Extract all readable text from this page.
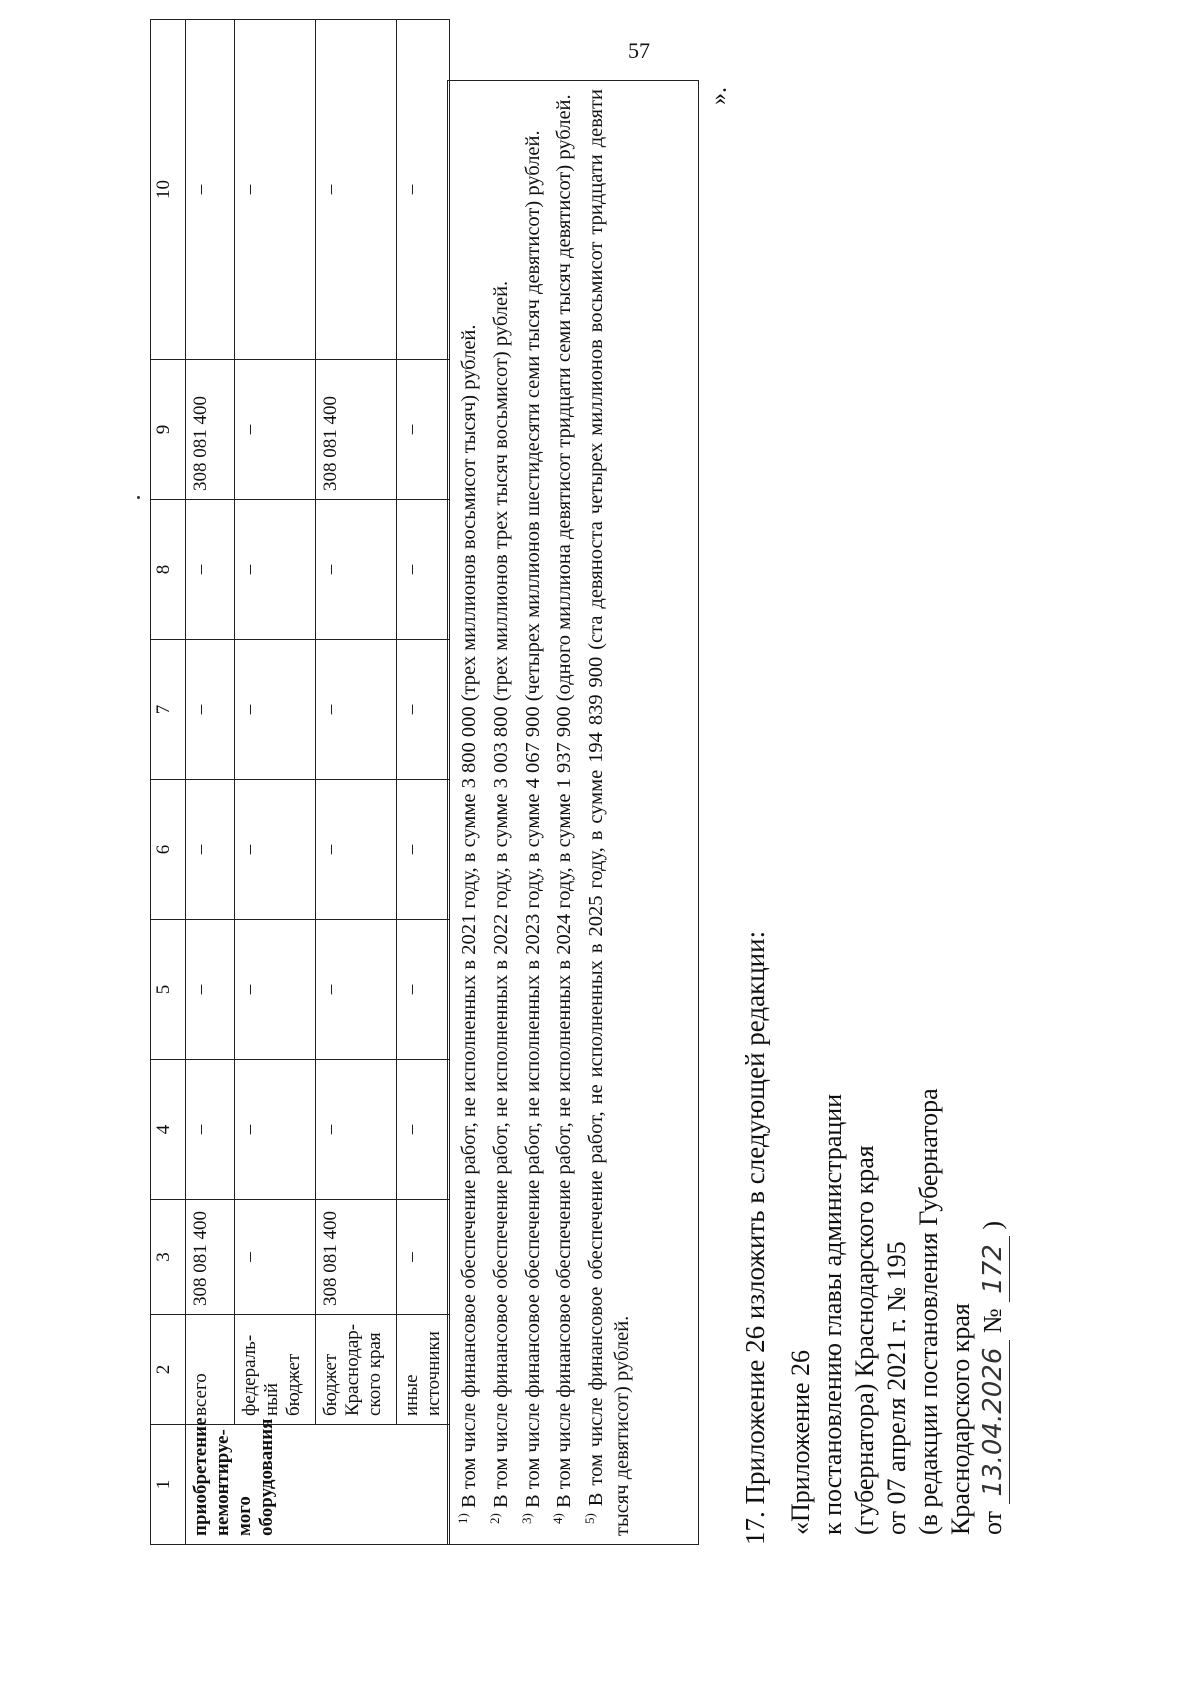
57
1	2	3	4	5	6	7	8	9	10
приобретение немонтируе-мого оборудования	всего	308 081 400	–	–	–	–	–	308 081 400	–
	федераль-ный бюджет	–	–	–	–	–	–	–	–
	бюджет Краснодар-ского края	308 081 400	–	–	–	–	–	308 081 400	–
	иные источники	–	–	–	–	–	–	–	–

$^{1)}$ В том числе финансовое обеспечение работ, не исполненных в 2021 году, в сумме 3 800 000 (трех миллионов восьмисот тысяч) рублей.

$^{2)}$ В том числе финансовое обеспечение работ, не исполненных в 2022 году, в сумме 3 003 800 (трех миллионов трех тысяч восьмисот) рублей.

$^{3)}$ В том числе финансовое обеспечение работ, не исполненных в 2023 году, в сумме 4 067 900 (четырех миллионов шестидесяти семи тысяч девятисот) рублей.

$^{4)}$ В том числе финансовое обеспечение работ, не исполненных в 2024 году, в сумме 1 937 900 (одного миллиона девятисот тридцати семи тысяч девятисот) рублей.

$^{5)}$ В том числе финансовое обеспечение работ, не исполненных в 2025 году, в сумме 194 839 900 (ста девяноста четырех миллионов восьмисот тридцати девяти тысяч девятисот) рублей.

».
17. Приложение 26 изложить в следующей редакции: «Приложение 26 к постановлению главы администрации (губернатора) Краснодарского края от 07 апреля 2021 г. № 195 (в редакции постановления Губернатора Краснодарского края от 13.04.2026 № 172 )
